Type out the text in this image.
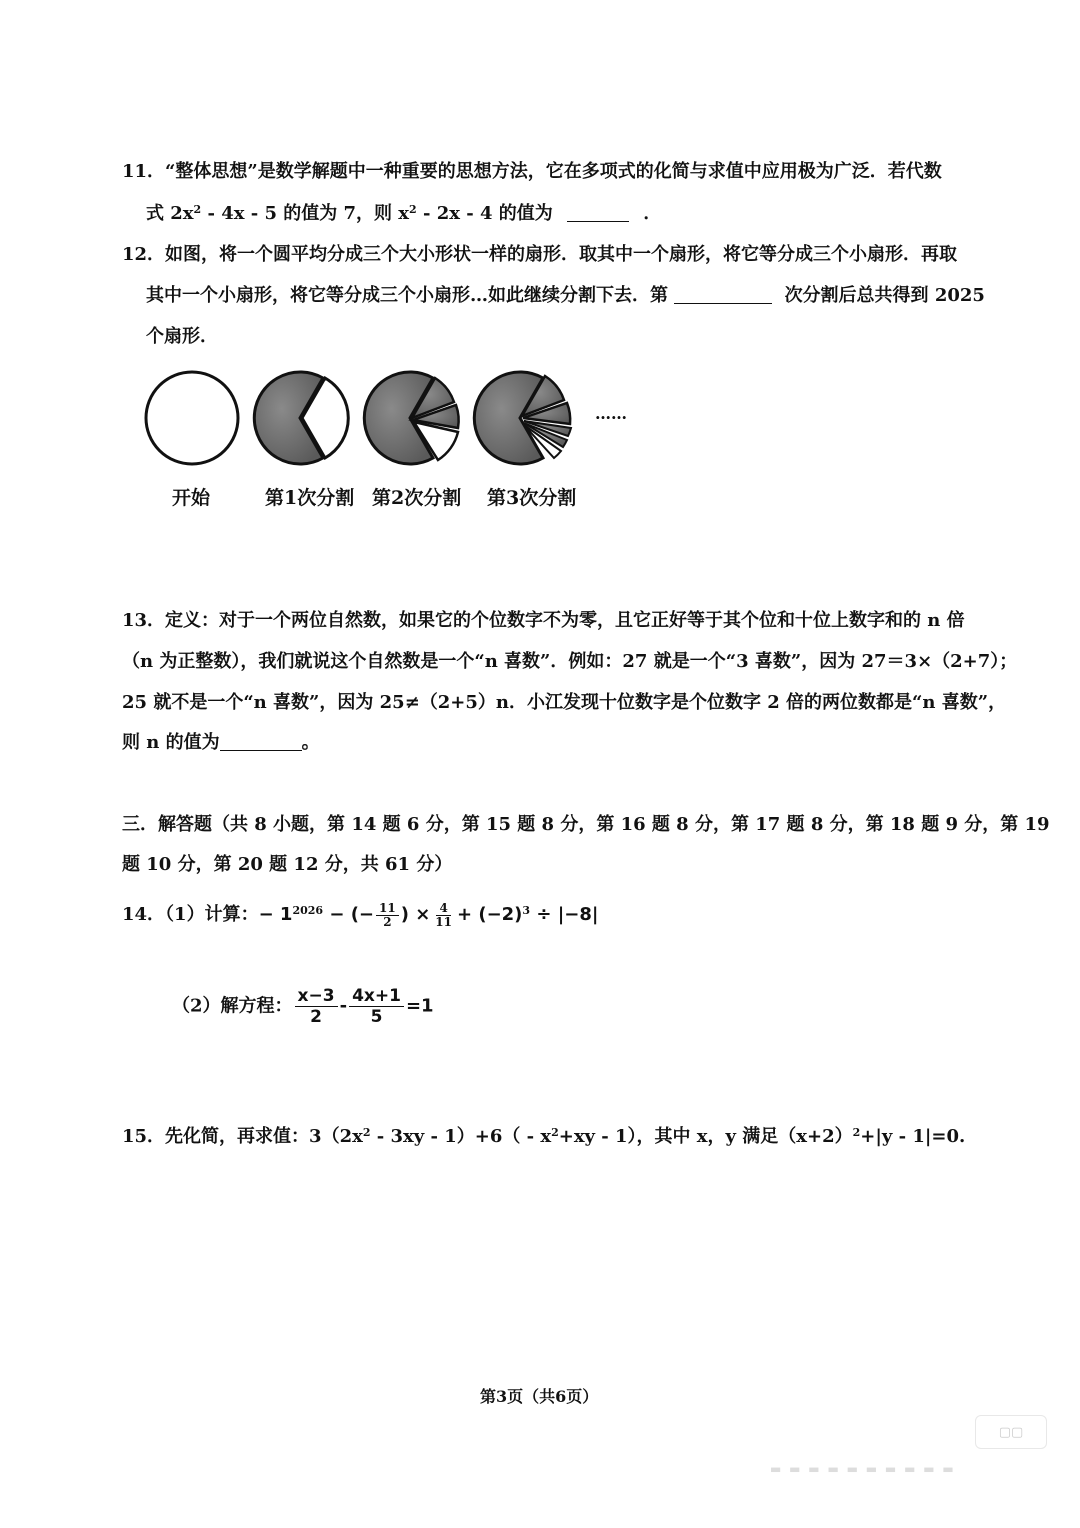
11．“整体思想”是数学解题中一种重要的思想方法，它在多项式的化简与求值中应用极为广泛．若代数
式 $2x^2 - 4x - 5$ 的值为 7，则 $x^2 - 2x - 4$ 的值为	．
12．如图，将一个圆平均分成三个大小形状一样的扇形．取其中一个扇形，将它等分成三个小扇形．再取
其中一个小扇形，将它等分成三个小扇形…如此继续分割下去．第	次分割后总共得到 2025
个扇形．
……
开始	第1次分割 第2次分割 第3次分割
13．定义：对于一个两位自然数，如果它的个位数字不为零，且它正好等于其个位和十位上数字和的 n 倍
（n 为正整数），我们就说这个自然数是一个“n 喜数”．例如：27 就是一个“3 喜数”，因为 27＝3×（2+7）；
25 就不是一个“n 喜数”，因为 25≠（2+5）n．小江发现十位数字是个位数字 2 倍的两位数都是“n 喜数”，
则 n 的值为	。
三．解答题（共 8 小题，第 14 题 6 分，第 15 题 8 分，第 16 题 8 分，第 17 题 8 分，第 18 题 9 分，第 19
题 10 分，第 20 题 12 分，共 61 分）
14．（1）计算：− $1^{2026}$ − (− $\frac{11}{2}$ ) × $\frac{4}{11} + (-2)^3 \div |-8|$
（2）解方程： $\frac{x-3}{2} - \frac{4x+1}{5} =1$
15．先化简，再求值：$3(2x^2 - 3xy - 1)+6( - x^2+xy - 1)$，其中 x，y 满足$(x+2)^2+|y - 1|=0$.
第3页（共6页）
▢▢
▬ ▬ ▬ ▬ ▬ ▬ ▬ ▬ ▬ ▬
